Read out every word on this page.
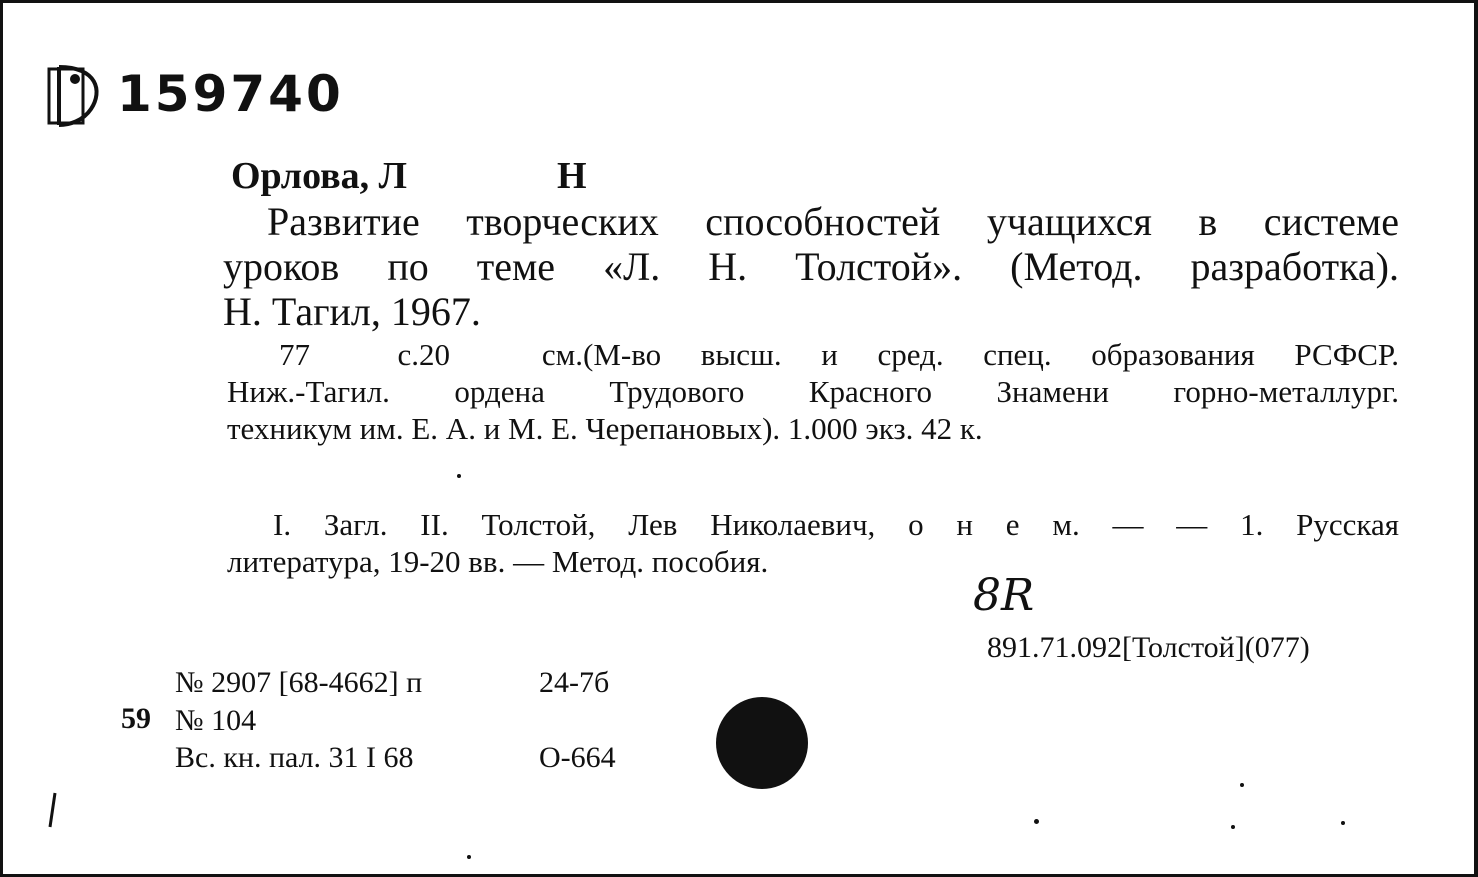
159740
Орлова, Л	Н
Развитие творческих способностей учащихся в системе
уроков по теме «Л. Н. Толстой». (Метод. разработка).
Н. Тагил, 1967.
77 с.20 см.(М-во высш. и сред. спец. образования РСФСР.
Ниж.-Тагил. ордена Трудового Красного Знамени горно-металлург.
техникум им. Е. А. и М. Е. Черепановых). 1.000 экз. 42 к.
I. Загл. II. Толстой, Лев Николаевич, о н е м. — — 1. Русская
литература, 19-20 вв. — Метод. пособия.
8R
891.71.092[Толстой](077)
59
№ 2907 [68-4662] п	24-7б
№ 104
Вс. кн. пал. 31 I 68	О-664
